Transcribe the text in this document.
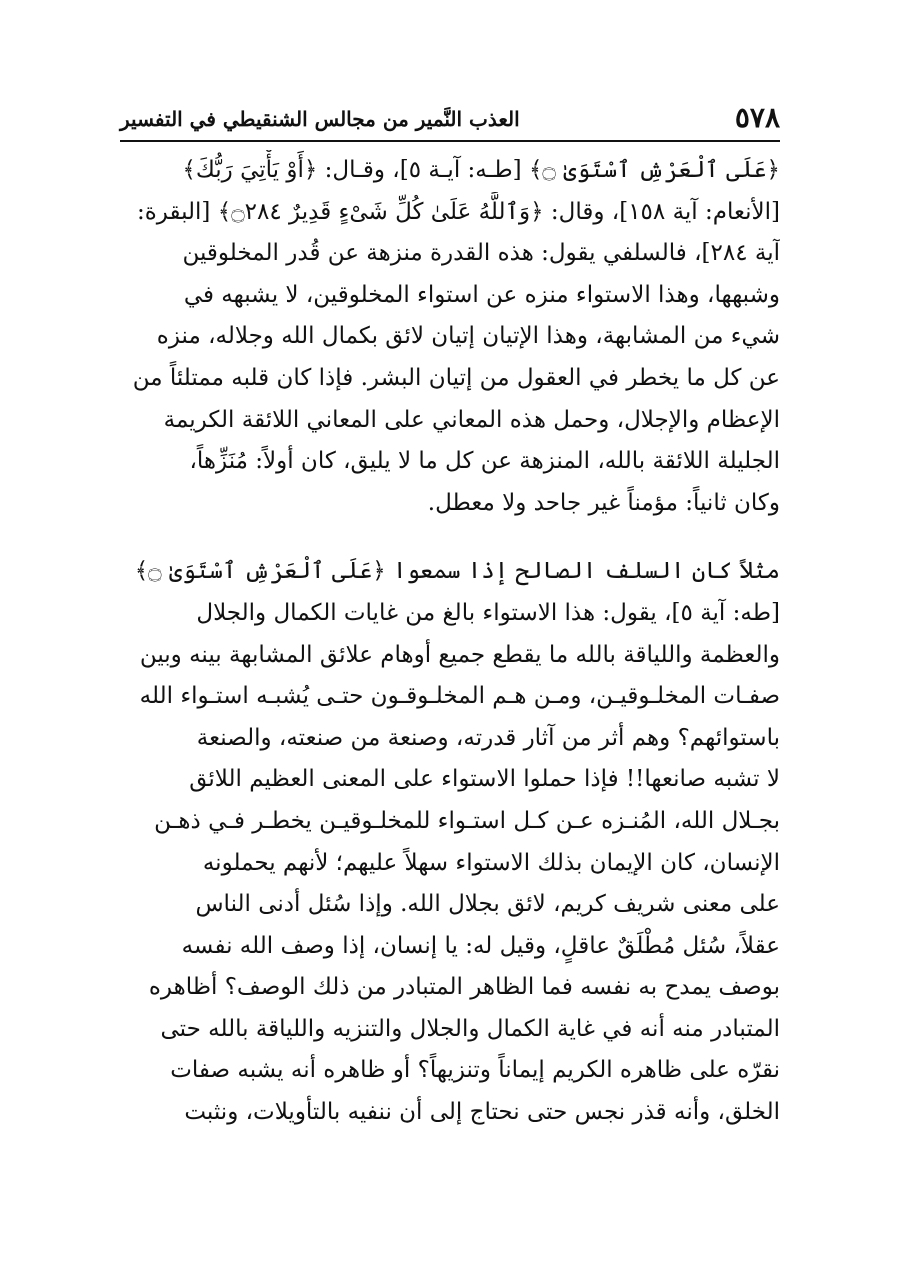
٥٧٨
العذب النَّمير من مجالس الشنقيطي في التفسير

﴿عَلَى ٱلْعَرْشِ ٱسْتَوَىٰ ۝﴾ [طـه: آيـة ٥]، وقـال: ﴿أَوْ يَأْتِيَ رَبُّكَ﴾
[الأنعام: آية ١٥٨]، وقال: ﴿وَٱللَّهُ عَلَىٰ كُلِّ شَىْءٍ قَدِيرٌ ۝٢٨٤﴾ [البقرة:
آية ٢٨٤]، فالسلفي يقول: هذه القدرة منزهة عن قُدر المخلوقين
وشبهها، وهذا الاستواء منزه عن استواء المخلوقين، لا يشبهه في
شيء من المشابهة، وهذا الإتيان إتيان لائق بكمال الله وجلاله، منزه
عن كل ما يخطر في العقول من إتيان البشر. فإذا كان قلبه ممتلئاً من
الإعظام والإجلال، وحمل هذه المعاني على المعاني اللائقة الكريمة
الجليلة اللائقة بالله، المنزهة عن كل ما لا يليق، كان أولاً: مُنَزِّهاً،
وكان ثانياً: مؤمناً غير جاحد ولا معطل.

مثلاً كان السلف الصالح إذا سمعوا ﴿عَلَى ٱلْعَرْشِ ٱسْتَوَىٰ ۝﴾
[طه: آية ٥]، يقول: هذا الاستواء بالغ من غايات الكمال والجلال
والعظمة واللياقة بالله ما يقطع جميع أوهام علائق المشابهة بينه وبين
صفـات المخلـوقيـن، ومـن هـم المخلـوقـون حتـى يُشبـه استـواء الله
باستوائهم؟ وهم أثر من آثار قدرته، وصنعة من صنعته، والصنعة
لا تشبه صانعها!! فإذا حملوا الاستواء على المعنى العظيم اللائق
بجـلال الله، المُنـزه عـن كـل استـواء للمخلـوقيـن يخطـر فـي ذهـن
الإنسان، كان الإيمان بذلك الاستواء سهلاً عليهم؛ لأنهم يحملونه
على معنى شريف كريم، لائق بجلال الله. وإذا سُئل أدنى الناس
عقلاً، سُئل مُطْلَقٌ عاقلٍ، وقيل له: يا إنسان، إذا وصف الله نفسه
بوصف يمدح به نفسه فما الظاهر المتبادر من ذلك الوصف؟ أظاهره
المتبادر منه أنه في غاية الكمال والجلال والتنزيه واللياقة بالله حتى
نقرّه على ظاهره الكريم إيماناً وتنزيهاً؟ أو ظاهره أنه يشبه صفات
الخلق، وأنه قذر نجس حتى نحتاج إلى أن ننفيه بالتأويلات، ونثبت
